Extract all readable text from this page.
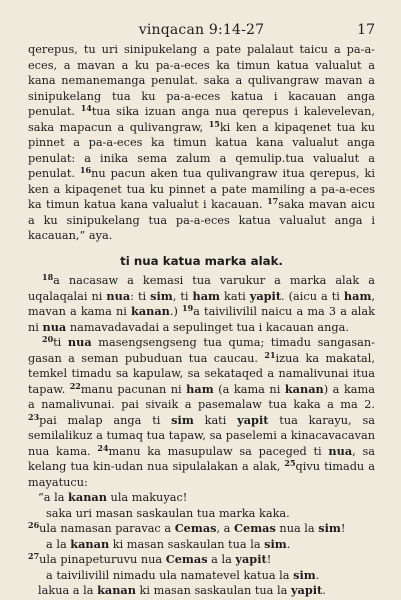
vinqacan 9:14-27	17

qerepus, tu uri sinipukelang a pate palalaut taicu a pa-a-eces, a mavan a ku pa-a-eces ka timun katua valualut a kana nemanemanga penulat. saka a qulivangraw mavan a sinipukelang tua ku pa-a-eces katua i kacauan anga penulat. $^{14}$tua sika izuan anga nua qerepus i kalevelevan, saka mapacun a qulivangraw, $^{15}$ki ken a kipaqenet tua ku pinnet a pa-a-eces ka timun katua kana valualut anga penulat: a inika sema zalum a qemulip.tua valualut a penulat. $^{16}$nu pacun aken tua qulivangraw itua qerepus, ki ken a kipaqenet tua ku pinnet a pate mamiling a pa-a-eces ka timun katua kana valualut i kacauan. $^{17}$saka mavan aicu a ku sinipukelang tua pa-a-eces katua valualut anga i kacauan,” aya.

ti nua katua marka alak.

$^{18}$a nacasaw a kemasi tua varukur a marka alak a uqalaqalai ni nua: ti sim, ti ham kati yapit. (aicu a ti ham, mavan a kama ni kanan.) $^{19}$a taivilivilil naicu a ma 3 a alak ni nua namavadavadai a sepulinget tua i kacauan anga.

$^{20}$ti nua masengsengseng tua quma; timadu sangasan-gasan a seman pubuduan tua caucau. $^{21}$izua ka makatal, temkel timadu sa kapulaw, sa sekataqed a namalivunai itua tapaw. $^{22}$manu pacunan ni ham (a kama ni kanan) a kama a namalivunai. pai sivaik a pasemalaw tua kaka a ma 2. $^{23}$pai malap anga ti sim kati yapit tua karayu, sa semilalikuz a tumaq tua tapaw, sa paselemi a kinacavacavan nua kama. $^{24}$manu ka masupulaw sa paceged ti nua, sa kelang tua kin-udan nua sipulalakan a alak, $^{25}$qivu timadu a mayatucu:

“a la kanan ula makuyac!

saka uri masan saskaulan tua marka kaka.

$^{26}$ula namasan paravac a Cemas, a Cemas nua la sim!

a la kanan ki masan saskaulan tua la sim.

$^{27}$ula pinapeturuvu nua Cemas a la yapit!

a taivilivilil nimadu ula namatevel katua la sim.

lakua a la kanan ki masan saskaulan tua la yapit.
